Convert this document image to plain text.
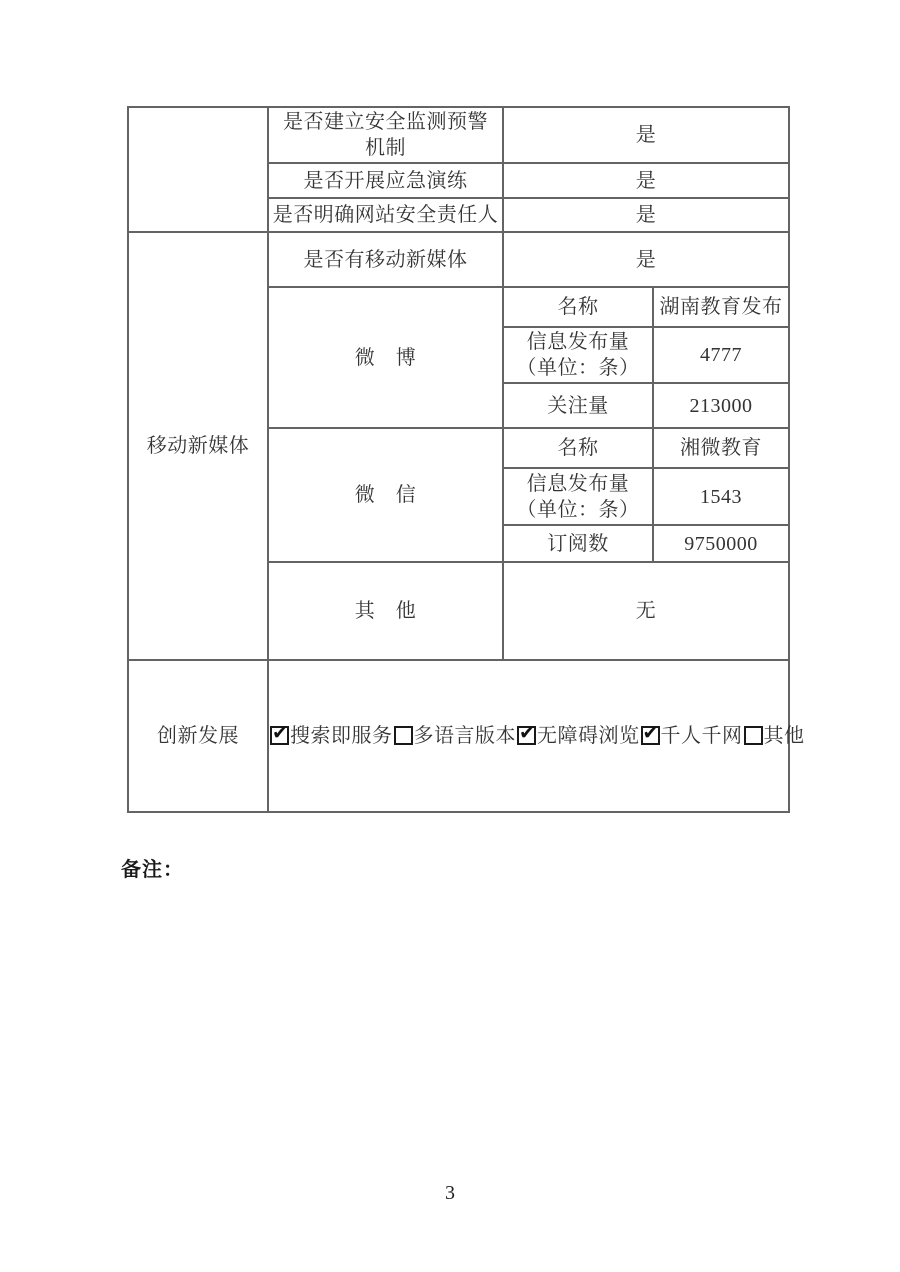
	是否建立安全监测预警
机制	是	
	是否开展应急演练	是	
	是否明确网站安全责任人	是	
移动新媒体	是否有移动新媒体	是	
	微　博	名称	湖南教育发布
		信息发布量
（单位：条）	4777
		关注量	213000
	微　信	名称	湘微教育
		信息发布量
（单位：条）	1543
		订阅数	9750000
	其　他	无	
创新发展	✔搜索即服务 多语言版本 ✔ 无障碍浏览 ✔ 千人千网 其他
备注：
3
